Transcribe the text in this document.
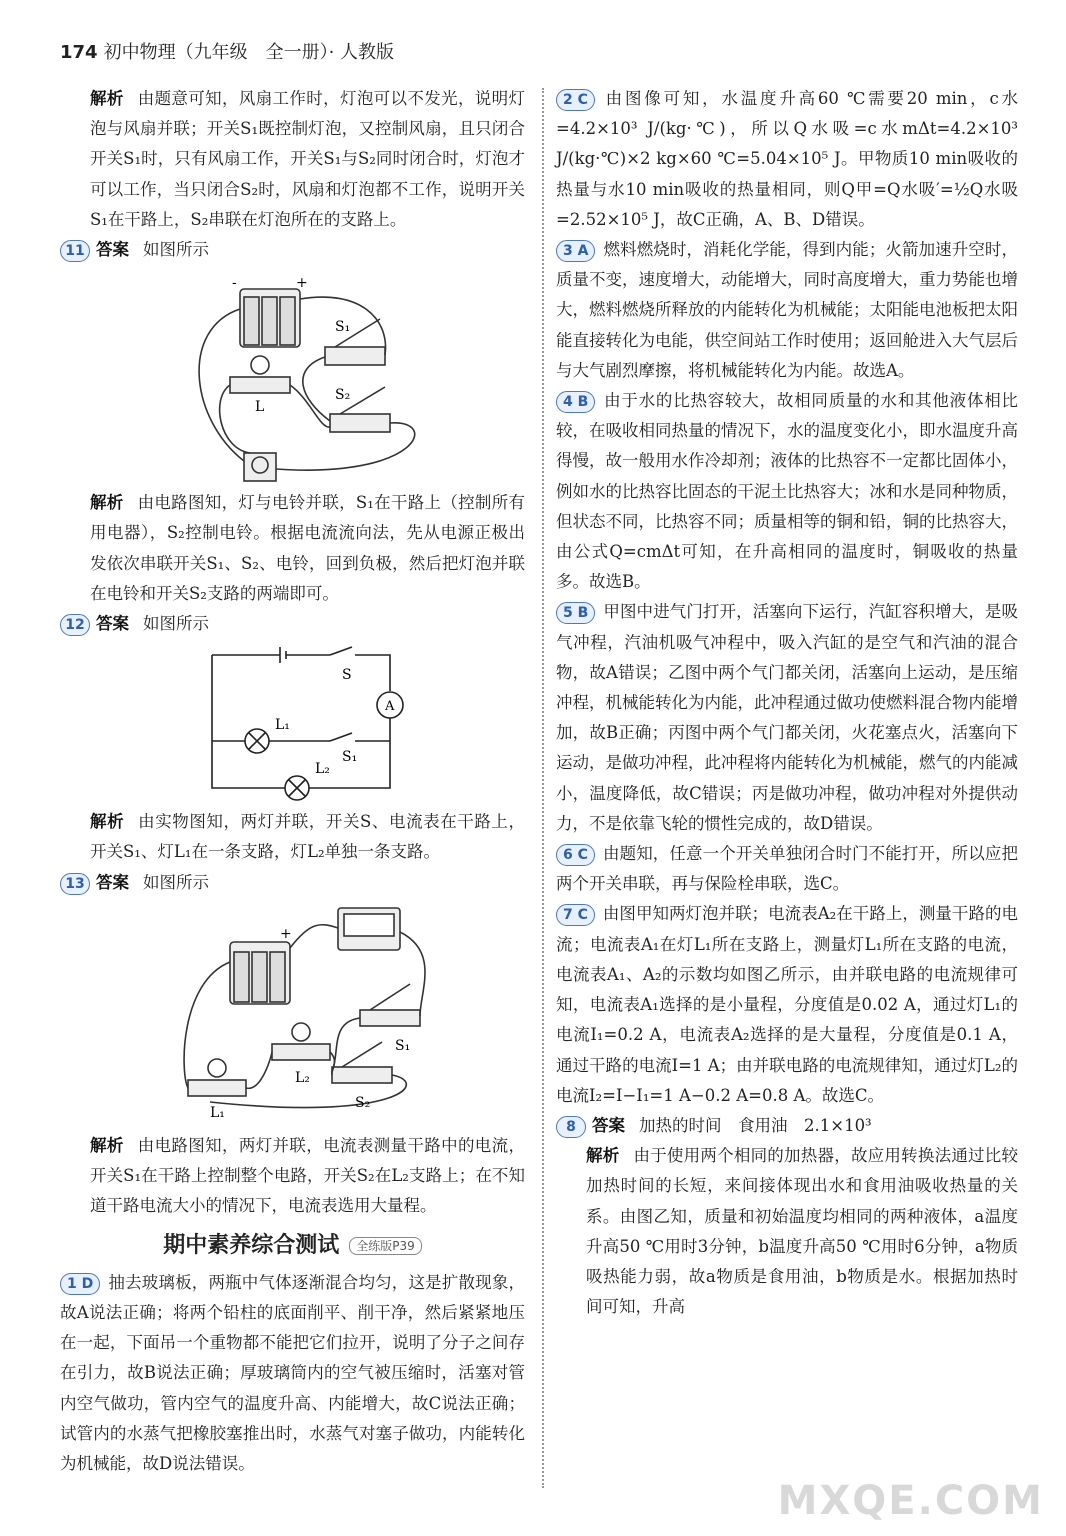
174 初中物理（九年级　全一册）· 人教版

解析 由题意可知，风扇工作时，灯泡可以不发光，说明灯泡与风扇并联；开关S₁既控制灯泡，又控制风扇，且只闭合开关S₁时，只有风扇工作，开关S₁与S₂同时闭合时，灯泡才可以工作，当只闭合S₂时，风扇和灯泡都不工作，说明开关S₁在干路上，S₂串联在灯泡所在的支路上。

11 答案 如图所示

-	+
S₁
S₂
L

解析 由电路图知，灯与电铃并联，S₁在干路上（控制所有用电器），S₂控制电铃。根据电流流向法，先从电源正极出发依次串联开关S₁、S₂、电铃，回到负极，然后把灯泡并联在电铃和开关S₂支路的两端即可。

12 答案 如图所示

S
A
L₁
S₁
L₂

解析 由实物图知，两灯并联，开关S、电流表在干路上，开关S₁、灯L₁在一条支路，灯L₂单独一条支路。

13 答案 如图所示

+
S₁
S₂
L₁
L₂

解析 由电路图知，两灯并联，电流表测量干路中的电流，开关S₁在干路上控制整个电路，开关S₂在L₂支路上；在不知道干路电流大小的情况下，电流表选用大量程。

期中素养综合测试 全练版P39

1 D 抽去玻璃板，两瓶中气体逐渐混合均匀，这是扩散现象，故A说法正确；将两个铅柱的底面削平、削干净，然后紧紧地压在一起，下面吊一个重物都不能把它们拉开，说明了分子之间存在引力，故B说法正确；厚玻璃筒内的空气被压缩时，活塞对管内空气做功，管内空气的温度升高、内能增大，故C说法正确；试管内的水蒸气把橡胶塞推出时，水蒸气对塞子做功，内能转化为机械能，故D说法错误。

2 C 由图像可知，水温度升高60 ℃需要20 min，c水=4.2×10³ J/(kg·℃)，所以Q水吸=c水mΔt=4.2×10³ J/(kg·℃)×2 kg×60 ℃=5.04×10⁵ J。甲物质10 min吸收的热量与水10 min吸收的热量相同，则Q甲=Q水吸′=½Q水吸=2.52×10⁵ J，故C正确，A、B、D错误。

3 A 燃料燃烧时，消耗化学能，得到内能；火箭加速升空时，质量不变，速度增大，动能增大，同时高度增大，重力势能也增大，燃料燃烧所释放的内能转化为机械能；太阳能电池板把太阳能直接转化为电能，供空间站工作时使用；返回舱进入大气层后与大气剧烈摩擦，将机械能转化为内能。故选A。

4 B 由于水的比热容较大，故相同质量的水和其他液体相比较，在吸收相同热量的情况下，水的温度变化小，即水温度升高得慢，故一般用水作冷却剂；液体的比热容不一定都比固体小，例如水的比热容比固态的干泥土比热容大；冰和水是同种物质，但状态不同，比热容不同；质量相等的铜和铅，铜的比热容大，由公式Q=cmΔt可知，在升高相同的温度时，铜吸收的热量多。故选B。

5 B 甲图中进气门打开，活塞向下运行，汽缸容积增大，是吸气冲程，汽油机吸气冲程中，吸入汽缸的是空气和汽油的混合物，故A错误；乙图中两个气门都关闭，活塞向上运动，是压缩冲程，机械能转化为内能，此冲程通过做功使燃料混合物内能增加，故B正确；丙图中两个气门都关闭，火花塞点火，活塞向下运动，是做功冲程，此冲程将内能转化为机械能，燃气的内能减小，温度降低，故C错误；丙是做功冲程，做功冲程对外提供动力，不是依靠飞轮的惯性完成的，故D错误。

6 C 由题知，任意一个开关单独闭合时门不能打开，所以应把两个开关串联，再与保险栓串联，选C。

7 C 由图甲知两灯泡并联；电流表A₂在干路上，测量干路的电流；电流表A₁在灯L₁所在支路上，测量灯L₁所在支路的电流，电流表A₁、A₂的示数均如图乙所示，由并联电路的电流规律可知，电流表A₁选择的是小量程，分度值是0.02 A，通过灯L₁的电流I₁=0.2 A，电流表A₂选择的是大量程，分度值是0.1 A，通过干路的电流I=1 A；由并联电路的电流规律知，通过灯L₂的电流I₂=I−I₁=1 A−0.2 A=0.8 A。故选C。

8 答案 加热的时间　食用油　2.1×10³

解析 由于使用两个相同的加热器，故应用转换法通过比较加热时间的长短，来间接体现出水和食用油吸收热量的关系。由图乙知，质量和初始温度均相同的两种液体，a温度升高50 ℃用时3分钟，b温度升高50 ℃用时6分钟，a物质吸热能力弱，故a物质是食用油，b物质是水。根据加热时间可知，升高

MXQE.COM
